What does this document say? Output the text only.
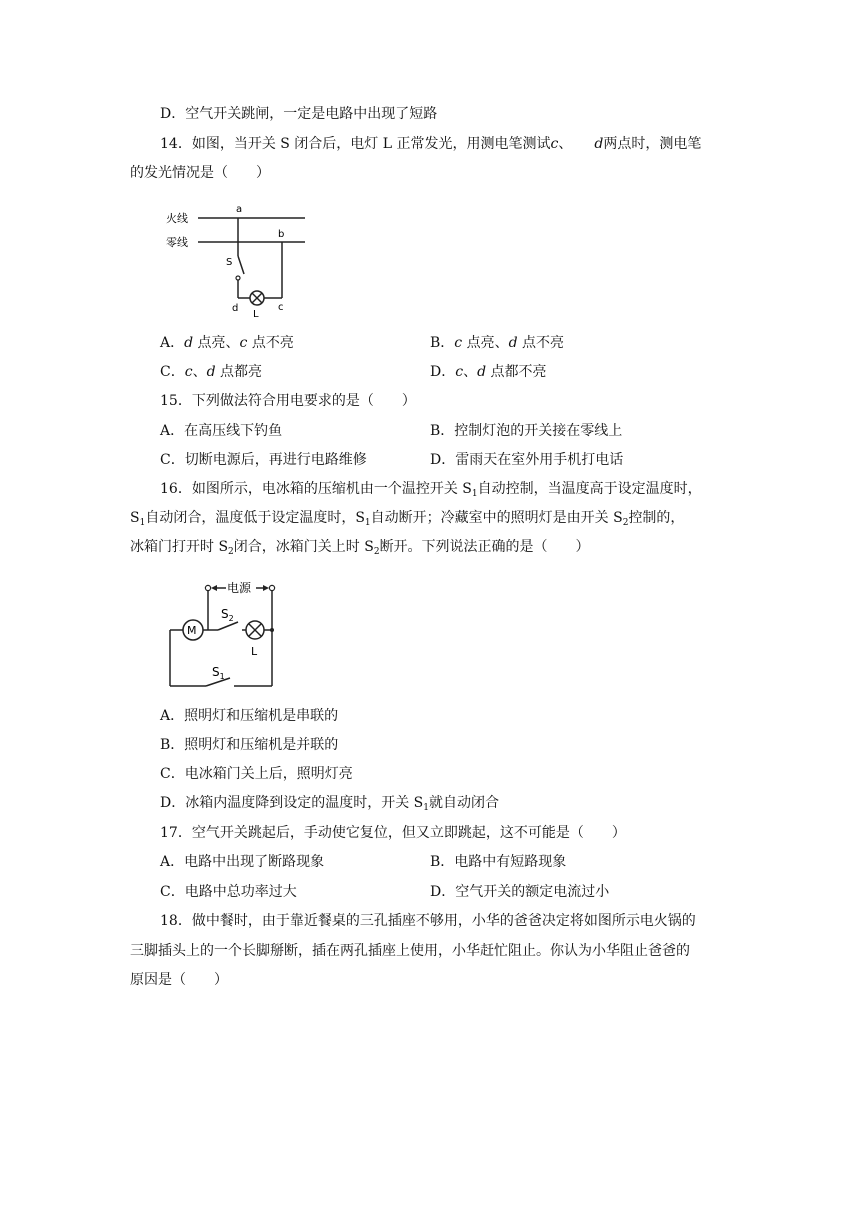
D．空气开关跳闸，一定是电路中出现了短路
14．如图，当开关 S 闭合后，电灯 L 正常发光，用测电笔测试c、 d两点时，测电笔
的发光情况是（　　）
火线
零线
a
b
S
d	c
L
A．d 点亮、c 点不亮	B．c 点亮、d 点不亮
C．c、d 点都亮	D．c、d 点都不亮
15．下列做法符合用电要求的是（　　）
A．在高压线下钓鱼	B．控制灯泡的开关接在零线上
C．切断电源后，再进行电路维修	D．雷雨天在室外用手机打电话
16．如图所示，电冰箱的压缩机由一个温控开关 $S_1$自动控制，当温度高于设定温度时，
$S_1$自动闭合，温度低于设定温度时，$S_1$自动断开；冷藏室中的照明灯是由开关 $S_2$控制的，
冰箱门打开时 $S_2$闭合，冰箱门关上时 $S_2$断开。下列说法正确的是（　　）
电源
M
$S_2$
L
$S_1$
A．照明灯和压缩机是串联的
B．照明灯和压缩机是并联的
C．电冰箱门关上后，照明灯亮
D．冰箱内温度降到设定的温度时，开关 $S_1$就自动闭合
17．空气开关跳起后，手动使它复位，但又立即跳起，这不可能是（　　）
A．电路中出现了断路现象	B．电路中有短路现象
C．电路中总功率过大	D．空气开关的额定电流过小
18．做中餐时，由于靠近餐桌的三孔插座不够用，小华的爸爸决定将如图所示电火锅的
三脚插头上的一个长脚掰断，插在两孔插座上使用，小华赶忙阻止。你认为小华阻止爸爸的
原因是（　　）
